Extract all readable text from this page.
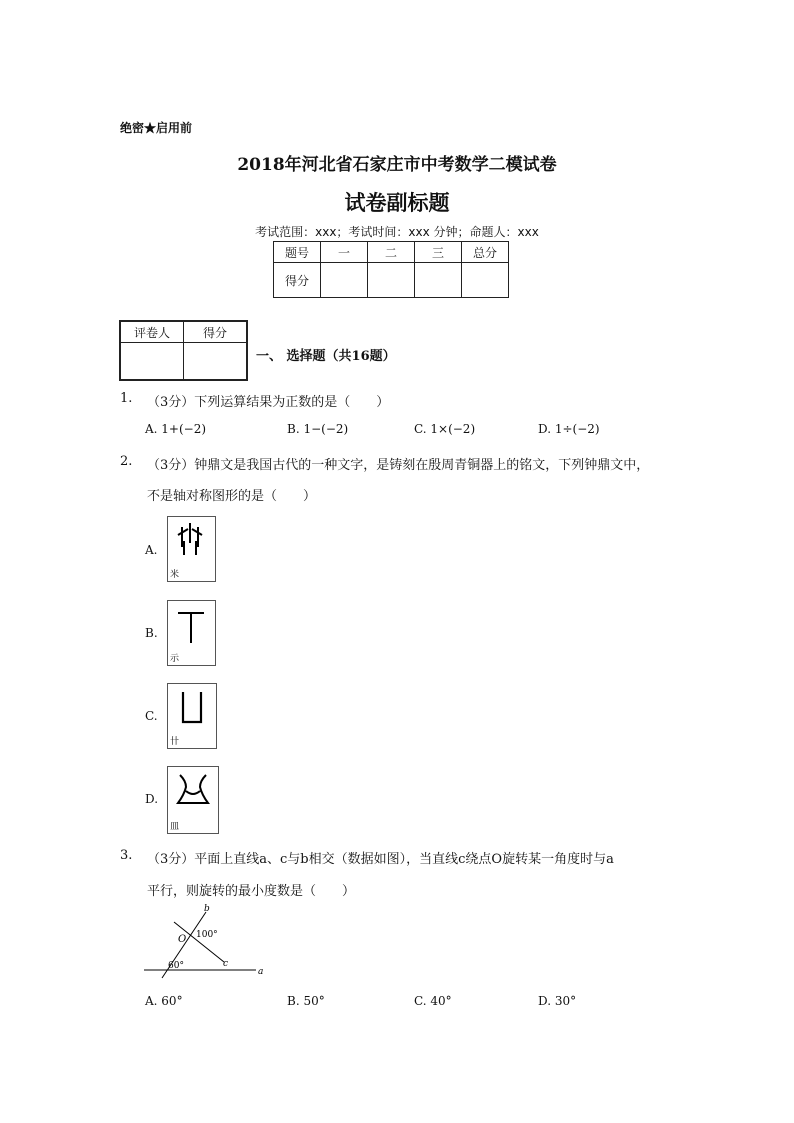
绝密★启用前
2018年河北省石家庄市中考数学二模试卷
试卷副标题
考试范围：xxx；考试时间：xxx 分钟；命题人：xxx
题号	一	二	三	总分
得分				
评卷人	得分

一、 选择题（共16题）
1. （3分）下列运算结果为正数的是（　　）
A. 1+(−2)	B. 1−(−2)	C. 1×(−2)	D. 1÷(−2)
2. （3分）钟鼎文是我国古代的一种文字，是铸刻在殷周青铜器上的铭文，下列钟鼎文中，
不是轴对称图形的是（　　）
A.
米
B.
示
C.
卄
D.
皿
3. （3分）平面上直线a、c与b相交（数据如图），当直线c绕点O旋转某一角度时与a
平行，则旋转的最小度数是（　　）
b
O 100°
c
60°
a
A. 60°	B. 50°	C. 40°	D. 30°
